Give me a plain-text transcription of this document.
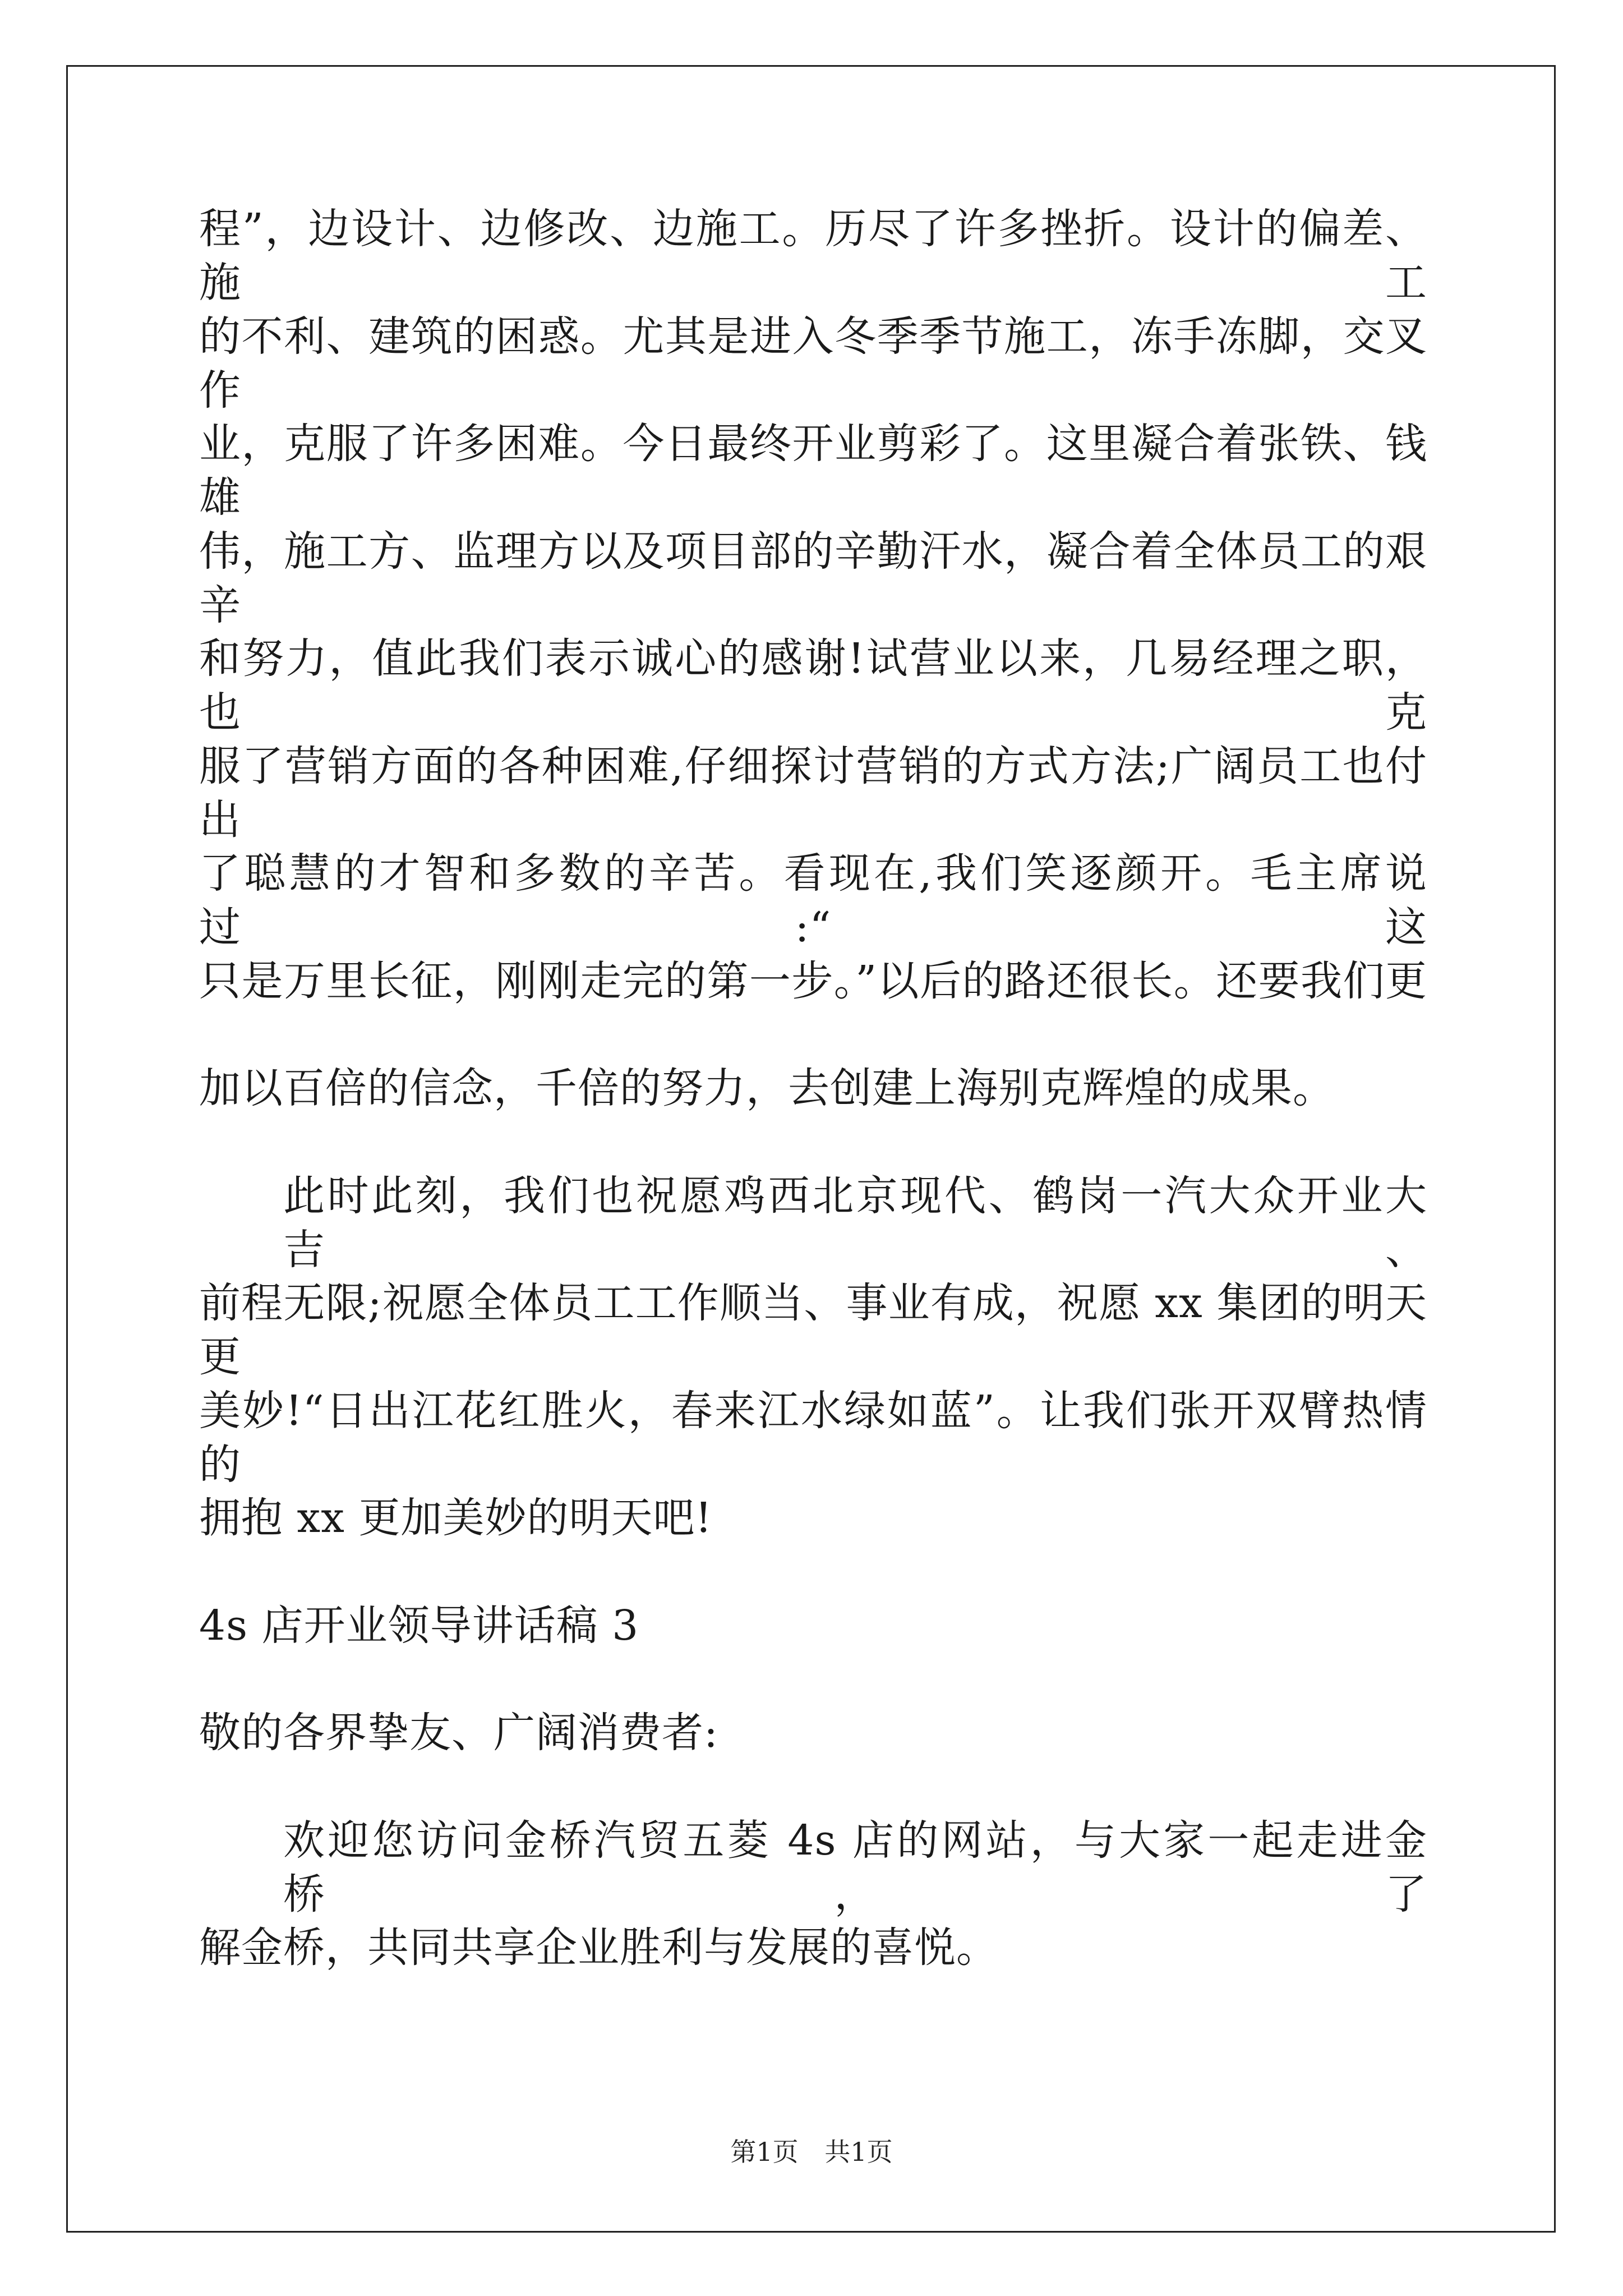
程”，边设计、边修改、边施工。历尽了许多挫折。设计的偏差、施工
的不利、建筑的困惑。尤其是进入冬季季节施工，冻手冻脚，交叉作
业，克服了许多困难。今日最终开业剪彩了。这里凝合着张铁、钱雄
伟，施工方、监理方以及项目部的辛勤汗水，凝合着全体员工的艰辛
和努力，值此我们表示诚心的感谢!试营业以来，几易经理之职，也克
服了营销方面的各种困难,仔细探讨营销的方式方法;广阔员工也付出
了聪慧的才智和多数的辛苦。看现在,我们笑逐颜开。毛主席说过:“这
只是万里长征，刚刚走完的第一步。”以后的路还很长。还要我们更
加以百倍的信念，千倍的努力，去创建上海别克辉煌的成果。
此时此刻，我们也祝愿鸡西北京现代、鹤岗一汽大众开业大吉、
前程无限;祝愿全体员工工作顺当、事业有成，祝愿 xx 集团的明天更
美妙!“日出江花红胜火，春来江水绿如蓝”。让我们张开双臂热情的
拥抱 xx 更加美妙的明天吧!
4s 店开业领导讲话稿 3
敬的各界挚友、广阔消费者:
欢迎您访问金桥汽贸五菱 4s 店的网站，与大家一起走进金桥，了
解金桥，共同共享企业胜利与发展的喜悦。
第1页 共1页
